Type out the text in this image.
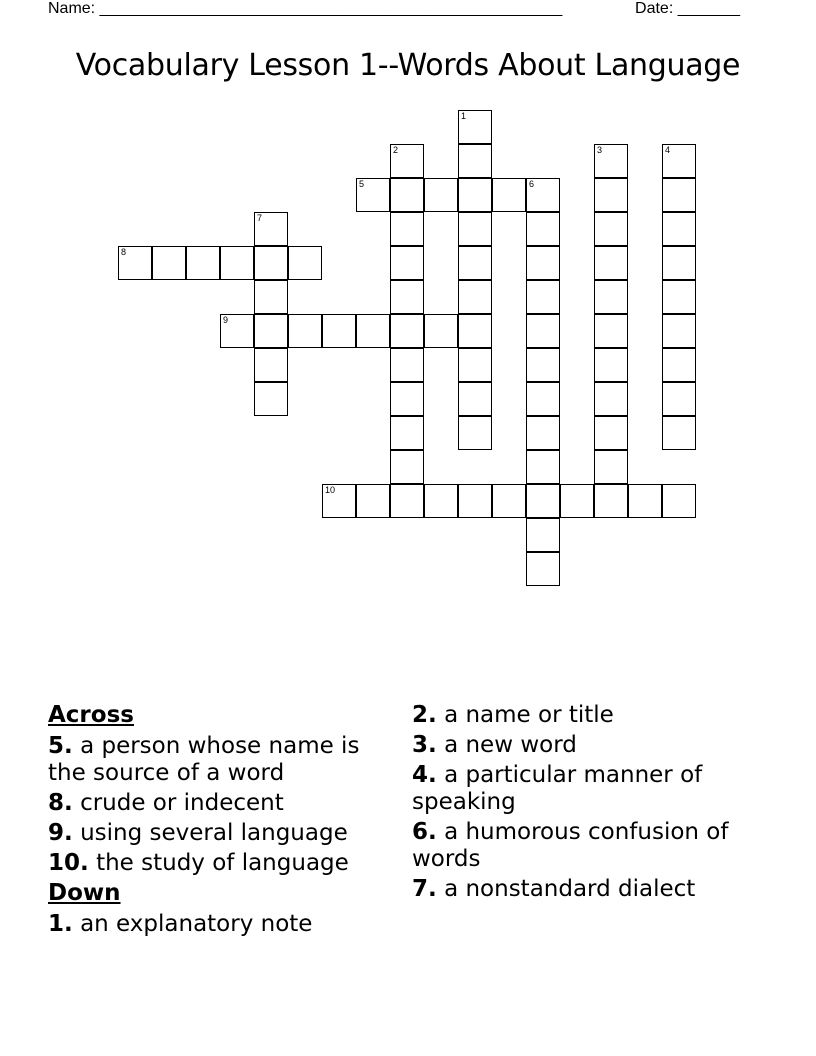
Name: ____________________________________________________	Date: _______
Vocabulary Lesson 1--Words About Language
1
2	3	4
5	6
7
8
9
10
Across
5. a person whose name is the source of a word
8. crude or indecent
9. using several language
10. the study of language
Down
1. an explanatory note
2. a name or title
3. a new word
4. a particular manner of speaking
6. a humorous confusion of words
7. a nonstandard dialect
